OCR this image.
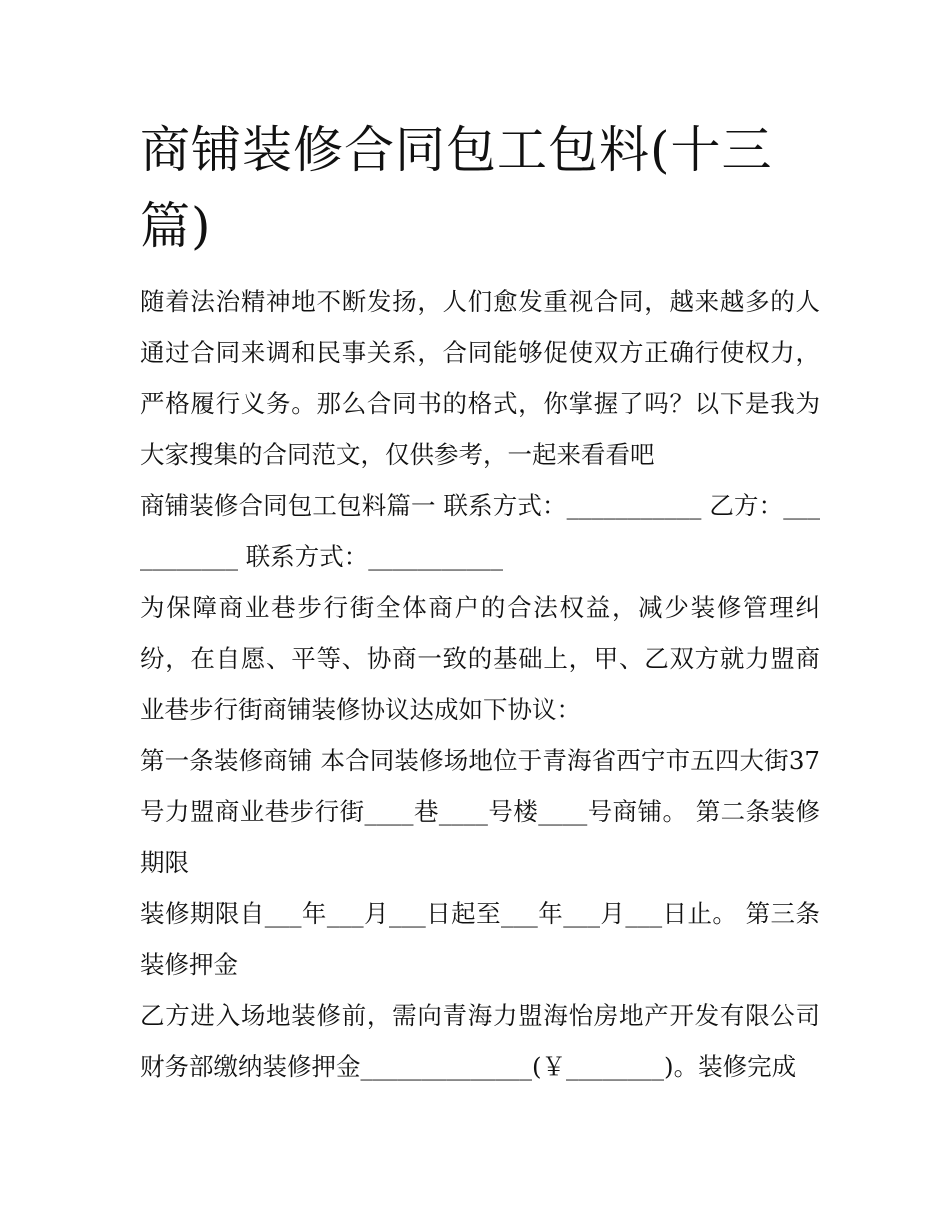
商铺装修合同包工包料(十三篇)

随着法治精神地不断发扬，人们愈发重视合同，越来越多的人通过合同来调和民事关系，合同能够促使双方正确行使权力，严格履行义务。那么合同书的格式，你掌握了吗？以下是我为大家搜集的合同范文，仅供参考，一起来看看吧

商铺装修合同包工包料篇一 联系方式：___________ 乙方：___________ 联系方式：___________

为保障商业巷步行街全体商户的合法权益，减少装修管理纠纷，在自愿、平等、协商一致的基础上，甲、乙双方就力盟商业巷步行街商铺装修协议达成如下协议：

第一条装修商铺 本合同装修场地位于青海省西宁市五四大街37号力盟商业巷步行街____巷____号楼____号商铺。 第二条装修期限

装修期限自___年___月___日起至___年___月___日止。 第三条装修押金

乙方进入场地装修前，需向青海力盟海怡房地产开发有限公司财务部缴纳装修押金______________(￥________)。装修完成
